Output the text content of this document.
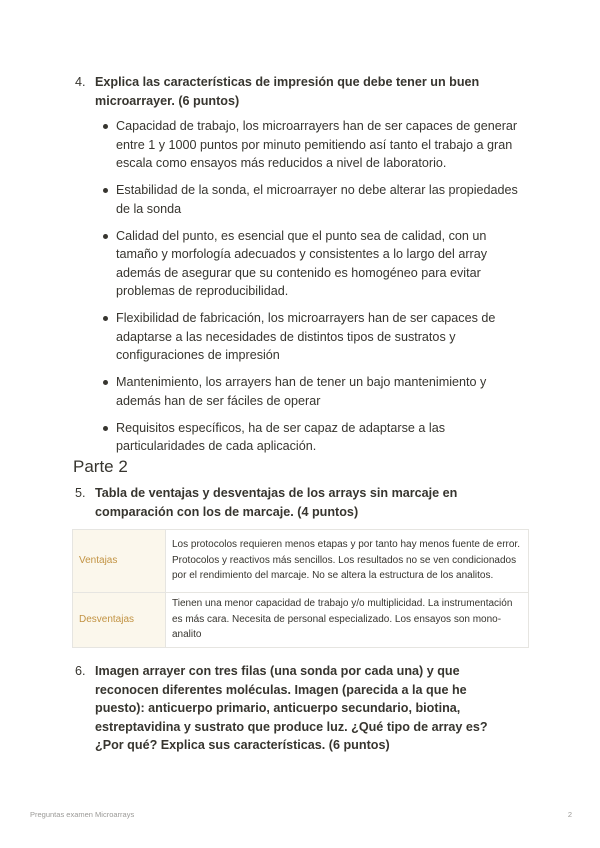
4. Explica las características de impresión que debe tener un buen microarrayer. (6 puntos)
Capacidad de trabajo, los microarrayers han de ser capaces de generar entre 1 y 1000 puntos por minuto pemitiendo así tanto el trabajo a gran escala como ensayos más reducidos a nivel de laboratorio.
Estabilidad de la sonda, el microarrayer no debe alterar las propiedades de la sonda
Calidad del punto, es esencial que el punto sea de calidad, con un tamaño y morfología adecuados y consistentes a lo largo del array además de asegurar que su contenido es homogéneo para evitar problemas de reproducibilidad.
Flexibilidad de fabricación, los microarrayers han de ser capaces de adaptarse a las necesidades de distintos tipos de sustratos y configuraciones de impresión
Mantenimiento, los arrayers han de tener un bajo mantenimiento y además han de ser fáciles de operar
Requisitos específicos, ha de ser capaz de adaptarse a las particularidades de cada aplicación.
Parte 2
5. Tabla de ventajas y desventajas de los arrays sin marcaje en comparación con los de marcaje. (4 puntos)
Ventajas	Los protocolos requieren menos etapas y por tanto hay menos fuente de error. Protocolos y reactivos más sencillos. Los resultados no se ven condicionados por el rendimiento del marcaje. No se altera la estructura de los analitos.
Desventajas	Tienen una menor capacidad de trabajo y/o multiplicidad. La instrumentación es más cara. Necesita de personal especializado. Los ensayos son mono-analito
6. Imagen arrayer con tres filas (una sonda por cada una) y que reconocen diferentes moléculas. Imagen (parecida a la que he puesto): anticuerpo primario, anticuerpo secundario, biotina, estreptavidina y sustrato que produce luz. ¿Qué tipo de array es? ¿Por qué? Explica sus características. (6 puntos)
Preguntas examen Microarrays	2
